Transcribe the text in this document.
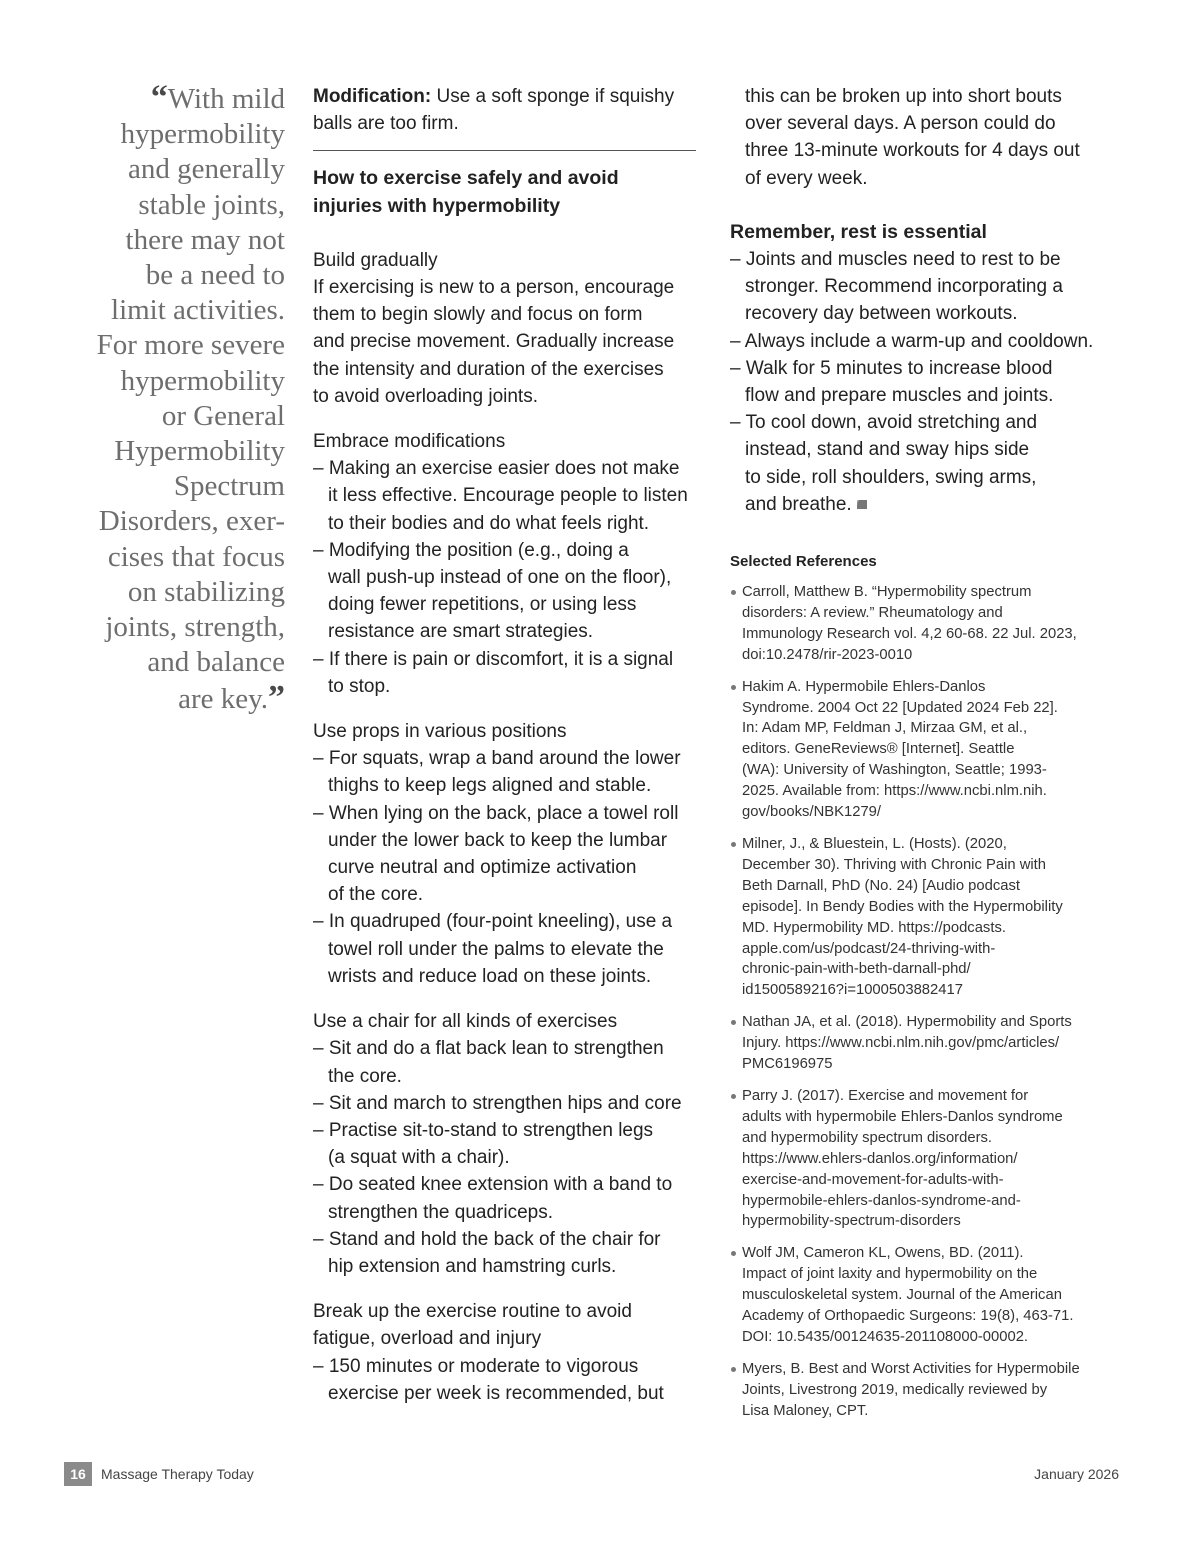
“With mild
hypermobility
and generally
stable joints,
there may not
be a need to
limit activities.
For more severe
hypermobility
or General
Hypermobility
Spectrum
Disorders, exer-
cises that focus
on stabilizing
joints, strength,
and balance
are key.”

Modification: Use a soft sponge if squishy balls are too firm.

How to exercise safely and avoid
injuries with hypermobility

Build gradually

If exercising is new to a person, encourage
them to begin slowly and focus on form
and precise movement. Gradually increase
the intensity and duration of the exercises
to avoid overloading joints.

Embrace modifications

– Making an exercise easier does not make
it less effective. Encourage people to listen
to their bodies and do what feels right.

– Modifying the position (e.g., doing a
wall push-up instead of one on the floor),
doing fewer repetitions, or using less
resistance are smart strategies.

– If there is pain or discomfort, it is a signal
to stop.

Use props in various positions

– For squats, wrap a band around the lower
thighs to keep legs aligned and stable.

– When lying on the back, place a towel roll
under the lower back to keep the lumbar
curve neutral and optimize activation
of the core.

– In quadruped (four-point kneeling), use a
towel roll under the palms to elevate the
wrists and reduce load on these joints.

Use a chair for all kinds of exercises

– Sit and do a flat back lean to strengthen
the core.

– Sit and march to strengthen hips and core

– Practise sit-to-stand to strengthen legs
(a squat with a chair).

– Do seated knee extension with a band to
strengthen the quadriceps.

– Stand and hold the back of the chair for
hip extension and hamstring curls.

Break up the exercise routine to avoid
fatigue, overload and injury

– 150 minutes or moderate to vigorous
exercise per week is recommended, but

this can be broken up into short bouts
over several days. A person could do
three 13-minute workouts for 4 days out
of every week.

Remember, rest is essential

– Joints and muscles need to rest to be
stronger. Recommend incorporating a
recovery day between workouts.

– Always include a warm-up and cooldown.

– Walk for 5 minutes to increase blood
flow and prepare muscles and joints.

– To cool down, avoid stretching and
instead, stand and sway hips side
to side, roll shoulders, swing arms,
and breathe.MT

Selected References

Carroll, Matthew B. “Hypermobility spectrum
disorders: A review.” Rheumatology and
Immunology Research vol. 4,2 60-68. 22 Jul. 2023,
doi:10.2478/rir-2023-0010

Hakim A. Hypermobile Ehlers-Danlos
Syndrome. 2004 Oct 22 [Updated 2024 Feb 22].
In: Adam MP, Feldman J, Mirzaa GM, et al.,
editors. GeneReviews® [Internet]. Seattle
(WA): University of Washington, Seattle; 1993-
2025. Available from: https://www.ncbi.nlm.nih.
gov/books/NBK1279/

Milner, J., & Bluestein, L. (Hosts). (2020,
December 30). Thriving with Chronic Pain with
Beth Darnall, PhD (No. 24) [Audio podcast
episode]. In Bendy Bodies with the Hypermobility
MD. Hypermobility MD. https://podcasts.
apple.com/us/podcast/24-thriving-with-
chronic-pain-with-beth-darnall-phd/
id1500589216?i=1000503882417

Nathan JA, et al. (2018). Hypermobility and Sports
Injury. https://www.ncbi.nlm.nih.gov/pmc/articles/
PMC6196975

Parry J. (2017). Exercise and movement for
adults with hypermobile Ehlers-Danlos syndrome
and hypermobility spectrum disorders.
https://www.ehlers-danlos.org/information/
exercise-and-movement-for-adults-with-
hypermobile-ehlers-danlos-syndrome-and-
hypermobility-spectrum-disorders

Wolf JM, Cameron KL, Owens, BD. (2011).
Impact of joint laxity and hypermobility on the
musculoskeletal system. Journal of the American
Academy of Orthopaedic Surgeons: 19(8), 463-71.
DOI: 10.5435/00124635-201108000-00002.

Myers, B. Best and Worst Activities for Hypermobile
Joints, Livestrong 2019, medically reviewed by
Lisa Maloney, CPT.

16	Massage Therapy Today	January 2026
